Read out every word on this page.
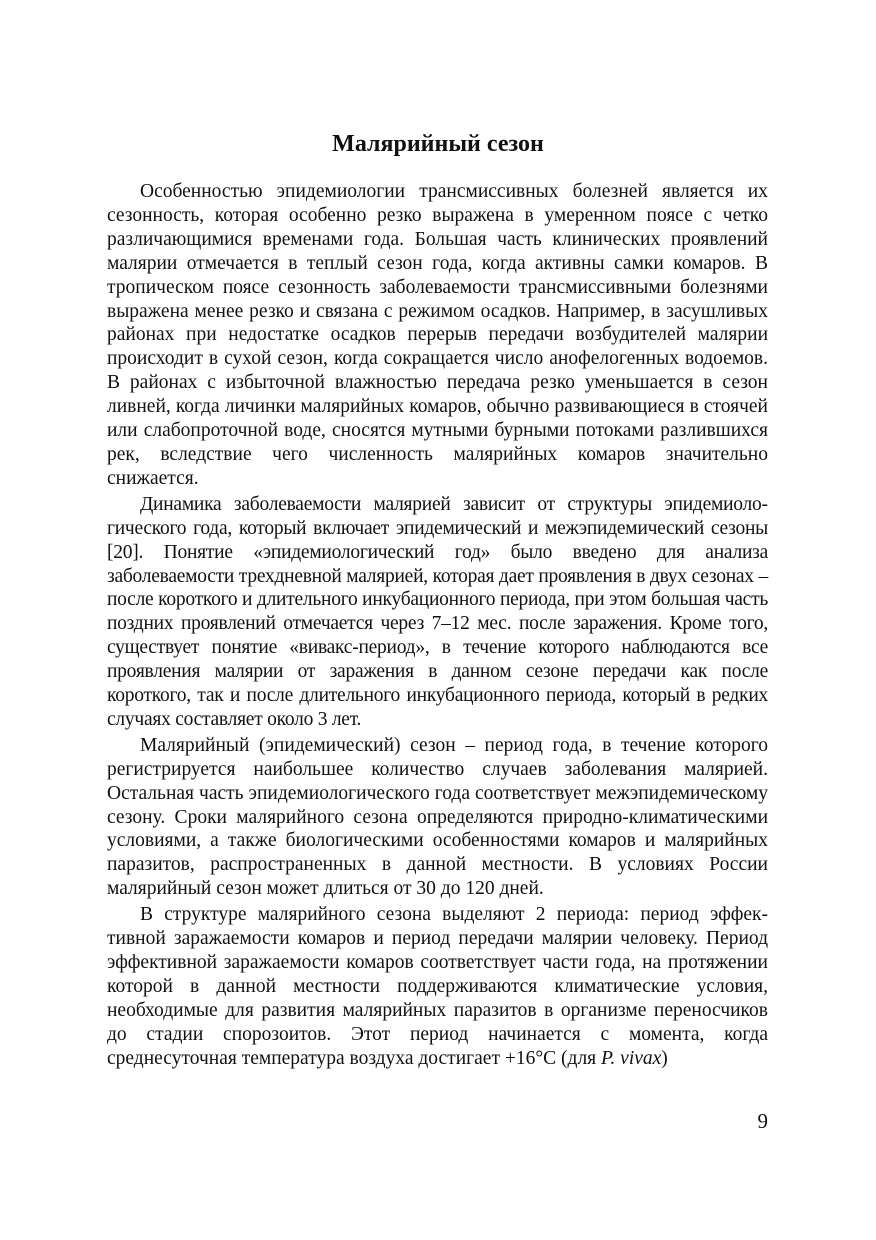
Малярийный сезон

Особенностью эпидемиологии трансмиссивных болезней является их сезонность, которая особенно резко выражена в умеренном поясе с четко различающимися временами года. Большая часть клинических проявлений малярии отмечается в теплый сезон года, когда активны самки комаров. В тропическом поясе сезонность заболеваемости трансмиссивными болезнями выражена менее резко и связана с режимом осадков. Например, в засушливых районах при недостатке осадков перерыв передачи возбудителей малярии происходит в сухой сезон, когда сокращается число анофелогенных водоемов. В районах с избыточной влажностью передача резко уменьшается в сезон ливней, когда личинки малярийных комаров, обычно развивающиеся в стоячей или слабопроточной воде, сносятся мутными бурными потоками разлившихся рек, вследствие чего численность малярийных комаров значительно снижается.

Динамика заболеваемости малярией зависит от структуры эпидемиологического года, который включает эпидемический и межэпидемический сезоны [20]. Понятие «эпидемиологический год» было введено для анализа заболеваемости трехдневной малярией, которая дает проявления в двух сезонах – после короткого и длительного инкубационного периода, при этом большая часть поздних проявлений отмечается через 7–12 мес. после заражения. Кроме того, существует понятие «вивакс-период», в течение которого наблюдаются все проявления малярии от заражения в данном сезоне передачи как после короткого, так и после длительного инкубационного периода, который в редких случаях составляет около 3 лет.

Малярийный (эпидемический) сезон – период года, в течение которого регистрируется наибольшее количество случаев заболевания малярией. Остальная часть эпидемиологического года соответствует межэпидемическому сезону. Сроки малярийного сезона определяются природно-климатическими условиями, а также биологическими особенностями комаров и малярийных паразитов, распространенных в данной местности. В условиях России малярийный сезон может длиться от 30 до 120 дней.

В структуре малярийного сезона выделяют 2 периода: период эффективной заражаемости комаров и период передачи малярии человеку. Период эффективной заражаемости комаров соответствует части года, на протяжении которой в данной местности поддерживаются климатические условия, необходимые для развития малярийных паразитов в организме переносчиков до стадии спорозоитов. Этот период начинается с момента, когда среднесуточная температура воздуха достигает +16°С (для P. vivax)

9
